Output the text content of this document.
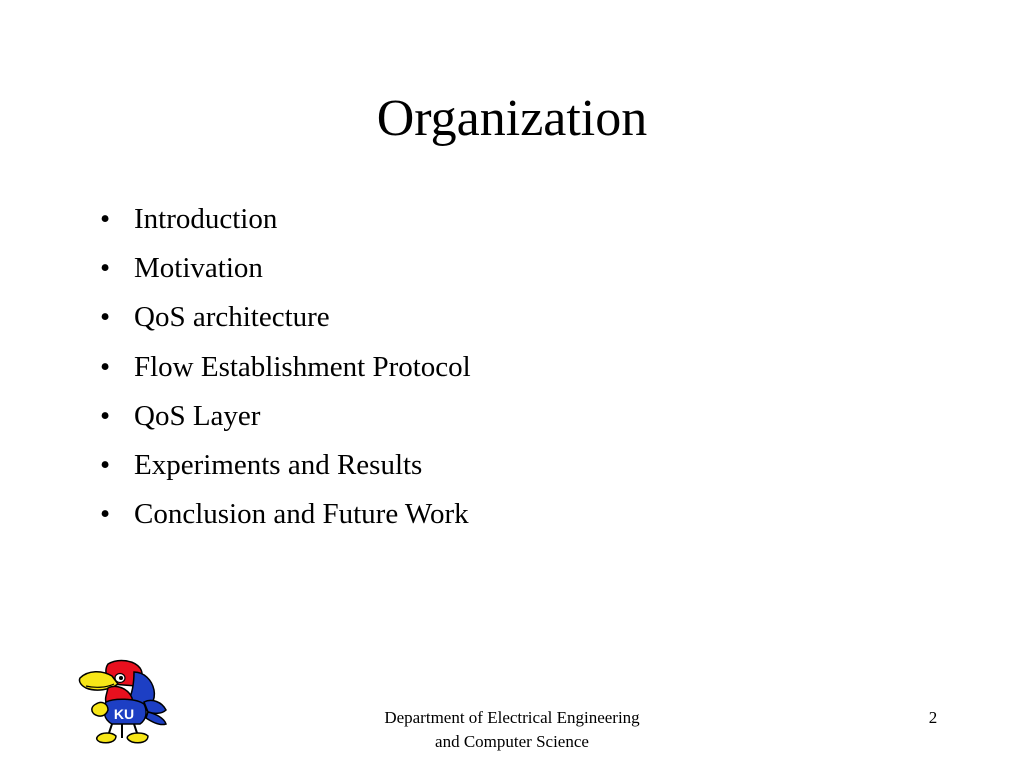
Organization
• Introduction
• Motivation
• QoS architecture
• Flow Establishment Protocol
• QoS Layer
• Experiments and Results
• Conclusion and Future Work
KU	Department of Electrical Engineering
and Computer Science
2
